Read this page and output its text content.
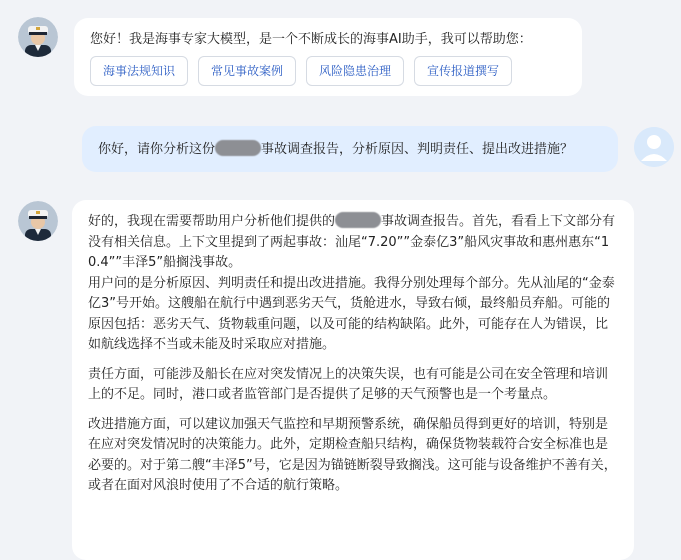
您好！我是海事专家大模型，是一个不断成长的海事AI助手，我可以帮助您：
海事法规知识	常见事故案例	风险隐患治理	宣传报道撰写
你好，请你分析这份	事故调查报告，分析原因、判明责任、提出改进措施？

好的，我现在需要帮助用户分析他们提供的	事故调查报告。首先，看看上下文部分有没有相关信息。上下文里提到了两起事故：汕尾“7.20””金泰亿3”船风灾事故和惠州惠东“10.4””丰泽5”船搁浅事故。

用户问的是分析原因、判明责任和提出改进措施。我得分别处理每个部分。先从汕尾的“金泰亿3”号开始。这艘船在航行中遇到恶劣天气，货舱进水，导致右倾，最终船员弃船。可能的原因包括：恶劣天气、货物载重问题，以及可能的结构缺陷。此外，可能存在人为错误，比如航线选择不当或未能及时采取应对措施。

责任方面，可能涉及船长在应对突发情况上的决策失误，也有可能是公司在安全管理和培训上的不足。同时，港口或者监管部门是否提供了足够的天气预警也是一个考量点。

改进措施方面，可以建议加强天气监控和早期预警系统，确保船员得到更好的培训，特别是在应对突发情况时的决策能力。此外，定期检查船只结构，确保货物装载符合安全标准也是必要的。对于第二艘“丰泽5”号，它是因为锚链断裂导致搁浅。这可能与设备维护不善有关，或者在面对风浪时使用了不合适的航行策略。
